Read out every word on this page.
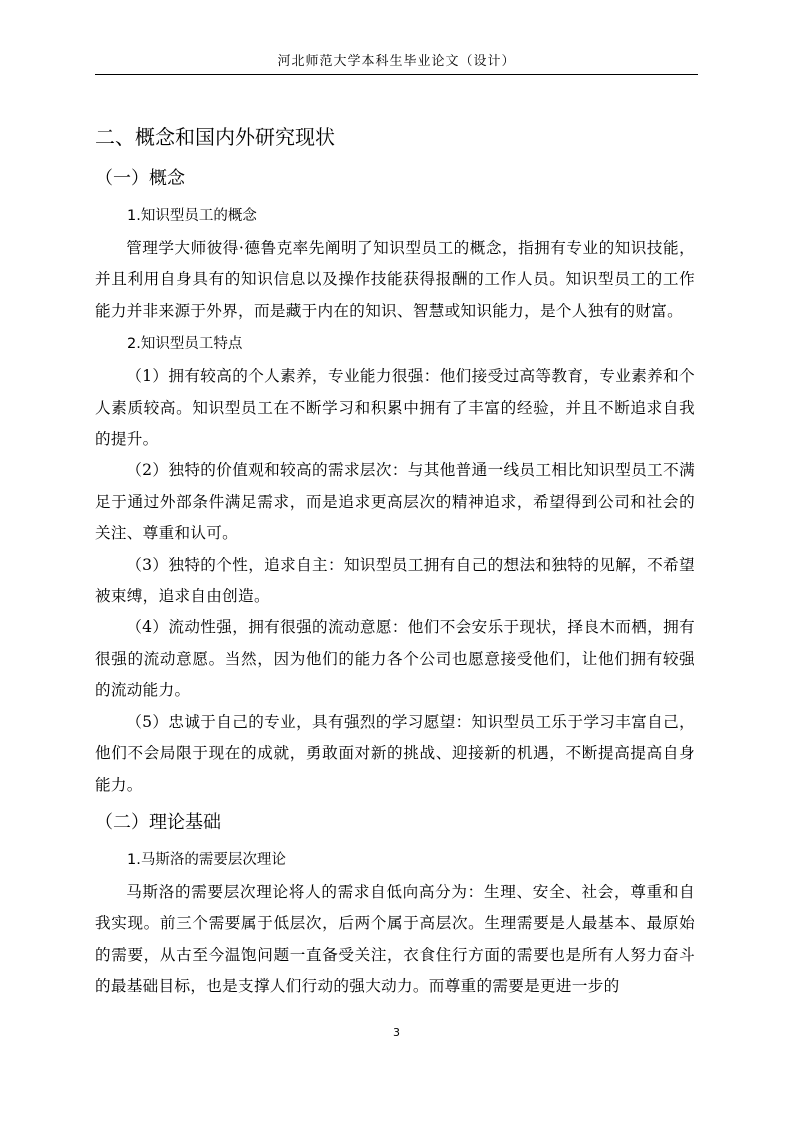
河北师范大学本科生毕业论文（设计）
二、概念和国内外研究现状
（一）概念
1.知识型员工的概念

管理学大师彼得·德鲁克率先阐明了知识型员工的概念，指拥有专业的知识技能，并且利用自身具有的知识信息以及操作技能获得报酬的工作人员。知识型员工的工作能力并非来源于外界，而是藏于内在的知识、智慧或知识能力，是个人独有的财富。

2.知识型员工特点

（1）拥有较高的个人素养，专业能力很强：他们接受过高等教育，专业素养和个人素质较高。知识型员工在不断学习和积累中拥有了丰富的经验，并且不断追求自我的提升。

（2）独特的价值观和较高的需求层次：与其他普通一线员工相比知识型员工不满足于通过外部条件满足需求，而是追求更高层次的精神追求，希望得到公司和社会的关注、尊重和认可。

（3）独特的个性，追求自主：知识型员工拥有自己的想法和独特的见解，不希望被束缚，追求自由创造。

（4）流动性强，拥有很强的流动意愿：他们不会安乐于现状，择良木而栖，拥有很强的流动意愿。当然，因为他们的能力各个公司也愿意接受他们，让他们拥有较强的流动能力。

（5）忠诚于自己的专业，具有强烈的学习愿望：知识型员工乐于学习丰富自己，他们不会局限于现在的成就，勇敢面对新的挑战、迎接新的机遇，不断提高提高自身能力。

（二）理论基础
1.马斯洛的需要层次理论

马斯洛的需要层次理论将人的需求自低向高分为：生理、安全、社会，尊重和自我实现。前三个需要属于低层次，后两个属于高层次。生理需要是人最基本、最原始的需要，从古至今温饱问题一直备受关注，衣食住行方面的需要也是所有人努力奋斗的最基础目标，也是支撑人们行动的强大动力。而尊重的需要是更进一步的

3
